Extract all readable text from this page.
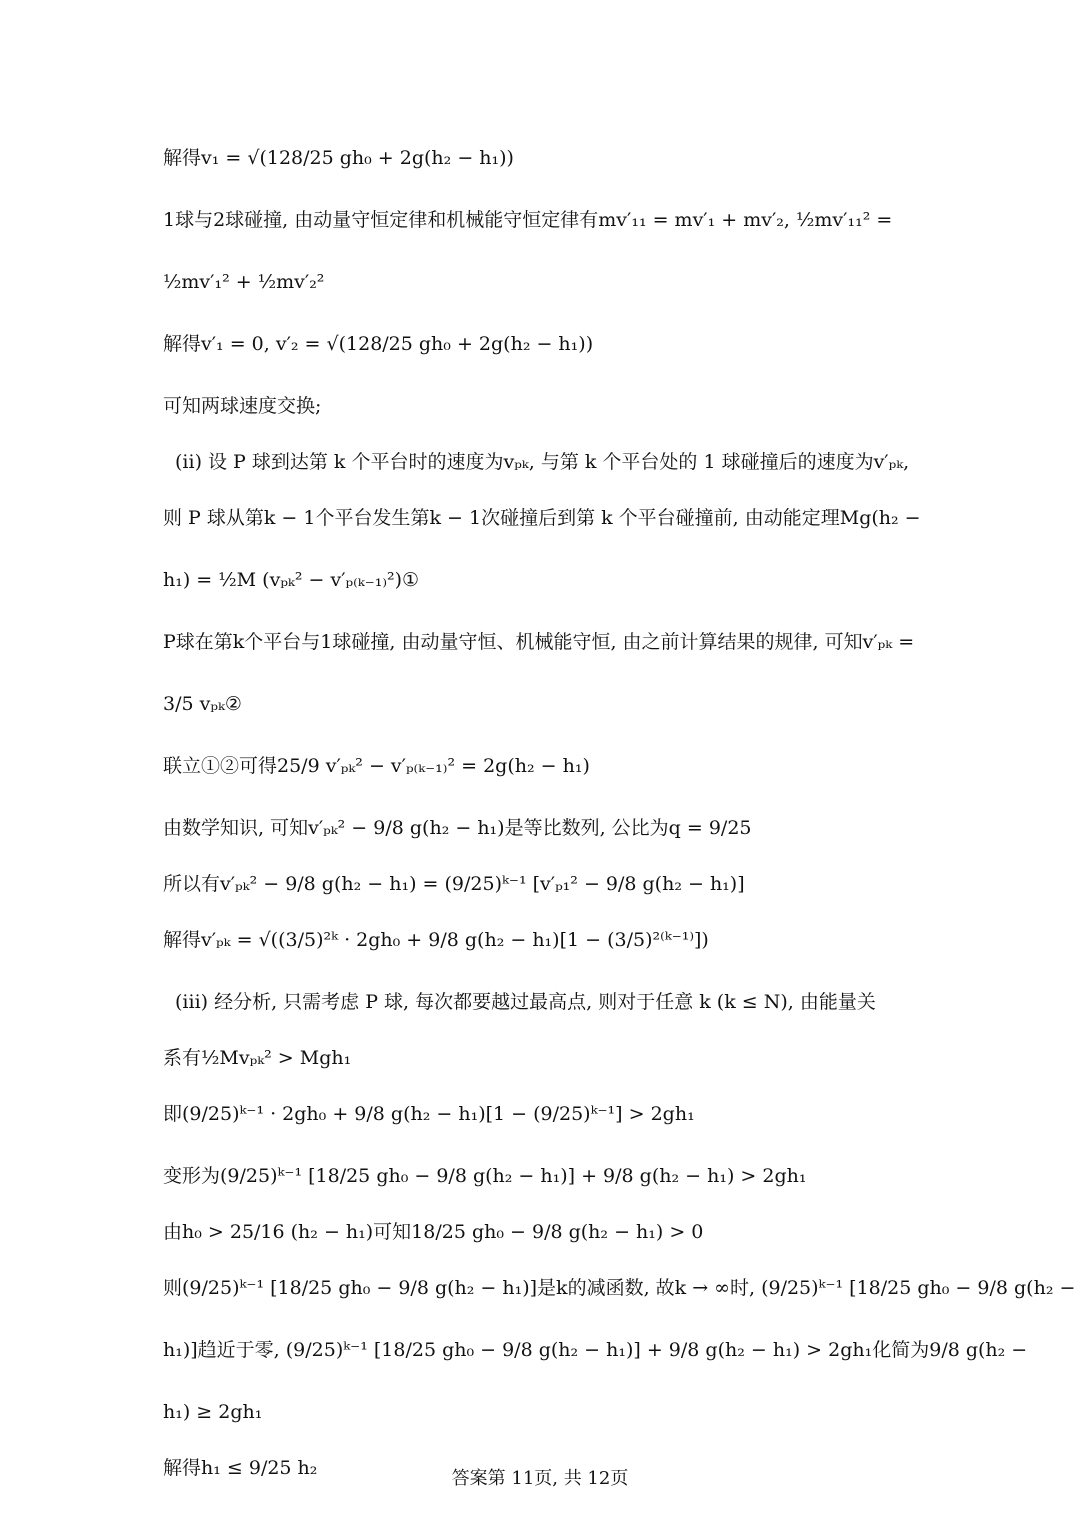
解得v₁ = √(128/25 gh₀ + 2g(h₂ − h₁))
1球与2球碰撞, 由动量守恒定律和机械能守恒定律有mv′₁₁ = mv′₁ + mv′₂, ½mv′₁₁² =
½mv′₁² + ½mv′₂²
解得v′₁ = 0, v′₂ = √(128/25 gh₀ + 2g(h₂ − h₁))
可知两球速度交换;
(ii) 设 P 球到达第 k 个平台时的速度为vₚₖ, 与第 k 个平台处的 1 球碰撞后的速度为v′ₚₖ,
则 P 球从第k − 1个平台发生第k − 1次碰撞后到第 k 个平台碰撞前, 由动能定理Mg(h₂ −
h₁) = ½M (vₚₖ² − v′ₚ₍ₖ₋₁₎²)①
P球在第k个平台与1球碰撞, 由动量守恒、机械能守恒, 由之前计算结果的规律, 可知v′ₚₖ =
3/5 vₚₖ②
联立①②可得25/9 v′ₚₖ² − v′ₚ₍ₖ₋₁₎² = 2g(h₂ − h₁)
由数学知识, 可知v′ₚₖ² − 9/8 g(h₂ − h₁)是等比数列, 公比为q = 9/25
所以有v′ₚₖ² − 9/8 g(h₂ − h₁) = (9/25)ᵏ⁻¹ [v′ₚ₁² − 9/8 g(h₂ − h₁)]
解得v′ₚₖ = √((3/5)²ᵏ · 2gh₀ + 9/8 g(h₂ − h₁)[1 − (3/5)²⁽ᵏ⁻¹⁾])
(iii) 经分析, 只需考虑 P 球, 每次都要越过最高点, 则对于任意 k (k ≤ N), 由能量关
系有½Mvₚₖ² > Mgh₁
即(9/25)ᵏ⁻¹ · 2gh₀ + 9/8 g(h₂ − h₁)[1 − (9/25)ᵏ⁻¹] > 2gh₁
变形为(9/25)ᵏ⁻¹ [18/25 gh₀ − 9/8 g(h₂ − h₁)] + 9/8 g(h₂ − h₁) > 2gh₁
由h₀ > 25/16 (h₂ − h₁)可知18/25 gh₀ − 9/8 g(h₂ − h₁) > 0
则(9/25)ᵏ⁻¹ [18/25 gh₀ − 9/8 g(h₂ − h₁)]是k的减函数, 故k → ∞时, (9/25)ᵏ⁻¹ [18/25 gh₀ − 9/8 g(h₂ −
h₁)]趋近于零, (9/25)ᵏ⁻¹ [18/25 gh₀ − 9/8 g(h₂ − h₁)] + 9/8 g(h₂ − h₁) > 2gh₁化简为9/8 g(h₂ −
h₁) ≥ 2gh₁
解得h₁ ≤ 9/25 h₂	答案第 11页, 共 12页
